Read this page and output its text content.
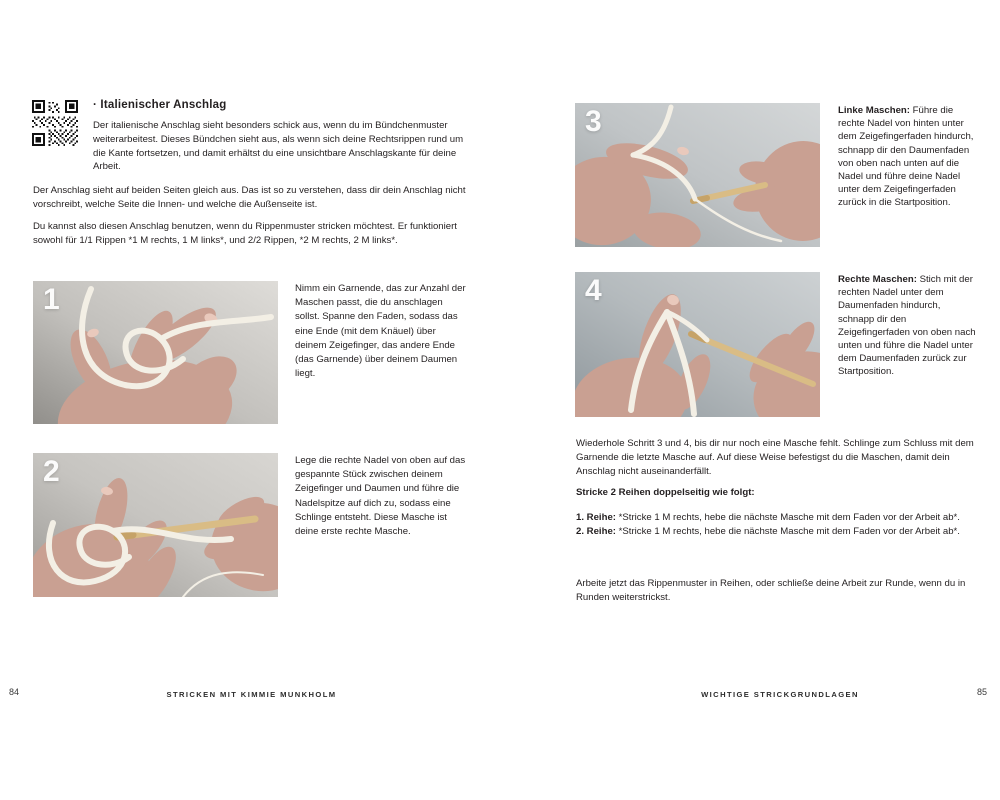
· Italienischer Anschlag

Der italienische Anschlag sieht besonders schick aus, wenn du im Bündchenmuster weiterarbeitest. Dieses Bündchen sieht aus, als wenn sich deine Rechtsrippen rund um die Kante fortsetzen, und damit erhältst du eine unsichtbare Anschlagskante für deine Arbeit.

Der Anschlag sieht auf beiden Seiten gleich aus. Das ist so zu verstehen, dass dir dein Anschlag nicht vorschreibt, welche Seite die Innen- und welche die Außenseite ist.

Du kannst also diesen Anschlag benutzen, wenn du Rippenmuster stricken möchtest. Er funktioniert sowohl für 1/1 Rippen *1 M rechts, 1 M links*, und 2/2 Rippen, *2 M rechts, 2 M links*.

1	Nimm ein Garnende, das zur Anzahl der Maschen passt, die du anschlagen sollst. Spanne den Faden, sodass das eine Ende (mit dem Knäuel) über deinem Zeigefinger, das andere Ende (das Garnende) über deinem Daumen liegt.

2	Lege die rechte Nadel von oben auf das gespannte Stück zwischen deinem Zeigefinger und Daumen und führe die Nadelspitze auf dich zu, sodass eine Schlinge entsteht. Diese Masche ist deine erste rechte Masche.

84	STRICKEN MIT KIMMIE MUNKHOLM
3	Linke Maschen: Führe die rechte Nadel von hinten unter dem Zeigefingerfaden hindurch, schnapp dir den Daumenfaden von oben nach unten auf die Nadel und führe deine Nadel unter dem Zeigefingerfaden zurück in die Startposition.

4	Rechte Maschen: Stich mit der rechten Nadel unter dem Daumenfaden hindurch, schnapp dir den Zeigefingerfaden von oben nach unten und führe die Nadel unter dem Daumenfaden zurück zur Startposition.

Wiederhole Schritt 3 und 4, bis dir nur noch eine Masche fehlt. Schlinge zum Schluss mit dem Garnende die letzte Masche auf. Auf diese Weise befestigst du die Maschen, damit dein Anschlag nicht auseinanderfällt.

Stricke 2 Reihen doppelseitig wie folgt:

1. Reihe: *Stricke 1 M rechts, hebe die nächste Masche mit dem Faden vor der Arbeit ab*.
2. Reihe: *Stricke 1 M rechts, hebe die nächste Masche mit dem Faden vor der Arbeit ab*.

Arbeite jetzt das Rippenmuster in Reihen, oder schließe deine Arbeit zur Runde, wenn du in Runden weiterstrickst.

WICHTIGE STRICKGRUNDLAGEN	85
